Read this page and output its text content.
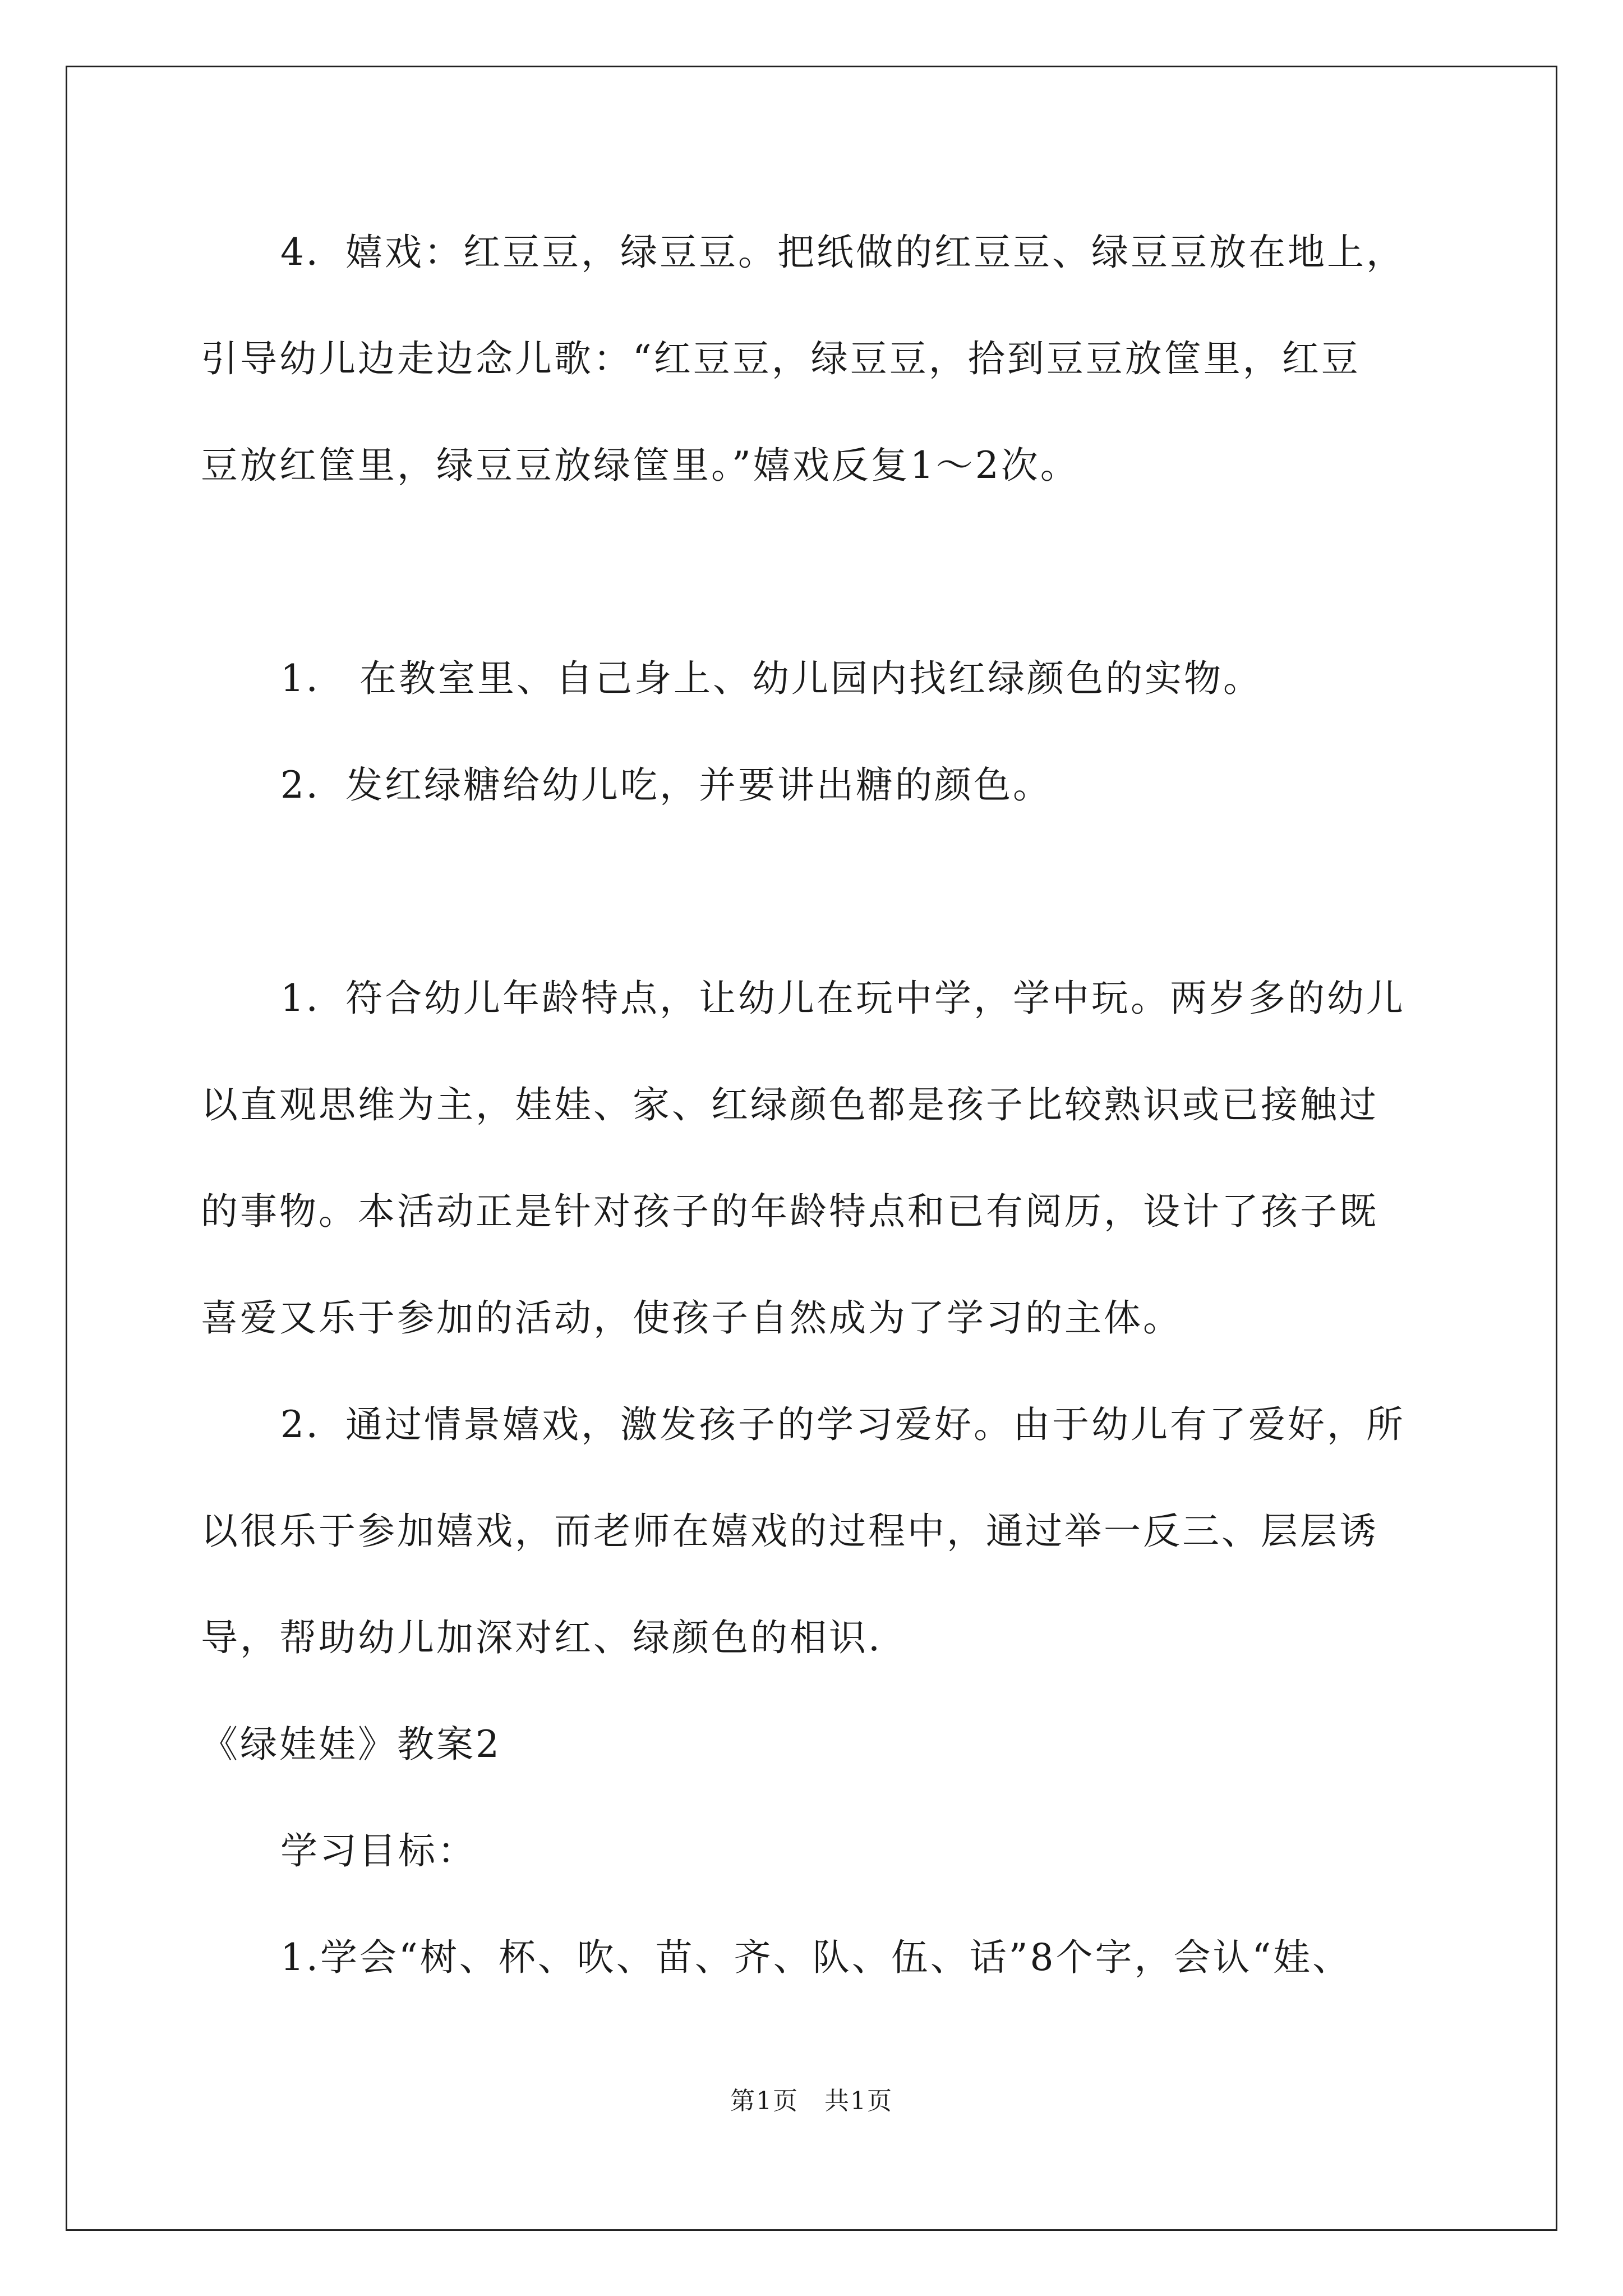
4．嬉戏：红豆豆，绿豆豆。把纸做的红豆豆、绿豆豆放在地上，
引导幼儿边走边念儿歌：“红豆豆，绿豆豆，拾到豆豆放筐里，红豆
豆放红筐里，绿豆豆放绿筐里。”嬉戏反复1～2次。
1． 在教室里、自己身上、幼儿园内找红绿颜色的实物。
2．发红绿糖给幼儿吃，并要讲出糖的颜色。
1．符合幼儿年龄特点，让幼儿在玩中学，学中玩。两岁多的幼儿
以直观思维为主，娃娃、家、红绿颜色都是孩子比较熟识或已接触过
的事物。本活动正是针对孩子的年龄特点和已有阅历，设计了孩子既
喜爱又乐于参加的活动，使孩子自然成为了学习的主体。
2．通过情景嬉戏，激发孩子的学习爱好。由于幼儿有了爱好，所
以很乐于参加嬉戏，而老师在嬉戏的过程中，通过举一反三、层层诱
导，帮助幼儿加深对红、绿颜色的相识.
《绿娃娃》教案2
学习目标：
1.学会“树、杯、吹、苗、齐、队、伍、话”8个字，会认“娃、
第1页　共1页
